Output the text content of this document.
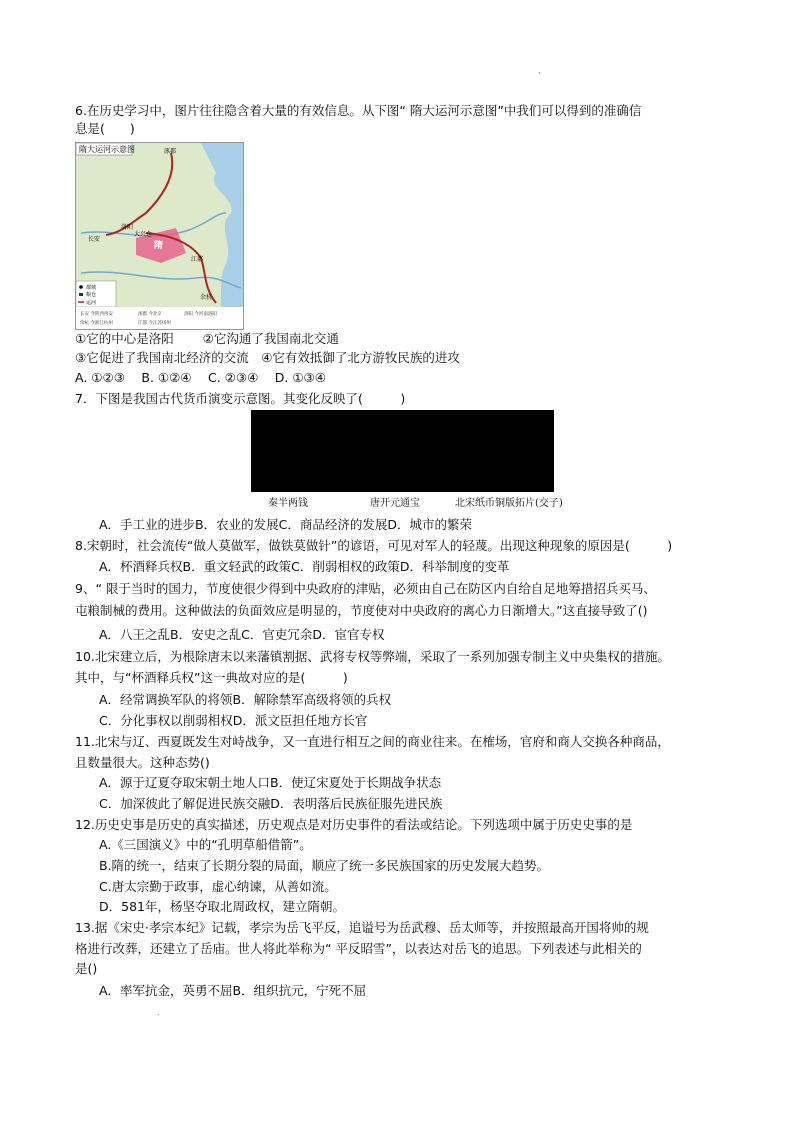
.
6.在历史学习中，图片往往隐含着大量的有效信息。从下图“ 隋大运河示意图”中我们可以得到的准确信
息是(　　)
隋大运河示意图	涿郡
长安
洛阳
大兴仓
江都
余杭
隋
都城
粮仓
运河
长安 今陕西西安	涿郡 今北京	洛阳 今河南洛阳
余杭 今浙江杭州	江都 今江苏扬州
①它的中心是洛阳　　 ②它沟通了我国南北交通
③它促进了我国南北经济的交流　④它有效抵御了北方游牧民族的进攻
A. ①②③　 B. ①②④　 C. ②③④　 D. ①③④
7．下图是我国古代货币演变示意图。其变化反映了(　　　)
秦半两钱	唐开元通宝	北宋纸币铜版拓片(交子)
A．手工业的进步B．农业的发展C．商品经济的发展D．城市的繁荣
8.宋朝时，社会流传“做人莫做军，做铁莫做针”的谚语，可见对军人的轻蔑。出现这种现象的原因是(　　　)
A．杯酒释兵权B．重文轻武的政策C．削弱相权的政策D．科举制度的变革
9、“ 限于当时的国力，节度使很少得到中央政府的津贴，必须由自己在防区内自给自足地筹措招兵买马、
屯粮制械的费用。这种做法的负面效应是明显的，节度使对中央政府的离心力日渐增大。”这直接导致了()
A．八王之乱B．安史之乱C．官吏冗余D．宦官专权
10.北宋建立后，为根除唐末以来藩镇割据、武将专权等弊端，采取了一系列加强专制主义中央集权的措施。
其中，与“杯酒释兵权”这一典故对应的是(　　　)
A．经常调换军队的将领B．解除禁军高级将领的兵权
C．分化事权以削弱相权D．派文臣担任地方长官
11.北宋与辽、西夏既发生对峙战争，又一直进行相互之间的商业往来。在榷场，官府和商人交换各种商品，
且数量很大。这种态势()
A．源于辽夏夺取宋朝土地人口B．使辽宋夏处于长期战争状态
C．加深彼此了解促进民族交融D．表明落后民族征服先进民族
12.历史史事是历史的真实描述，历史观点是对历史事件的看法或结论。下列选项中属于历史史事的是
A.《三国演义》中的“孔明草船借箭”。
B.隋的统一，结束了长期分裂的局面，顺应了统一多民族国家的历史发展大趋势。
C.唐太宗勤于政事，虚心纳谏，从善如流。
D．581年，杨坚夺取北周政权，建立隋朝。
13.据《宋史·孝宗本纪》记载，孝宗为岳飞平反，追谥号为岳武穆、岳太师等，并按照最高开国将帅的规
格进行改葬，还建立了岳庙。世人将此举称为“ 平反昭雪”，以表达对岳飞的追思。下列表述与此相关的
是()
A．率军抗金，英勇不屈B．组织抗元，宁死不屈
.
